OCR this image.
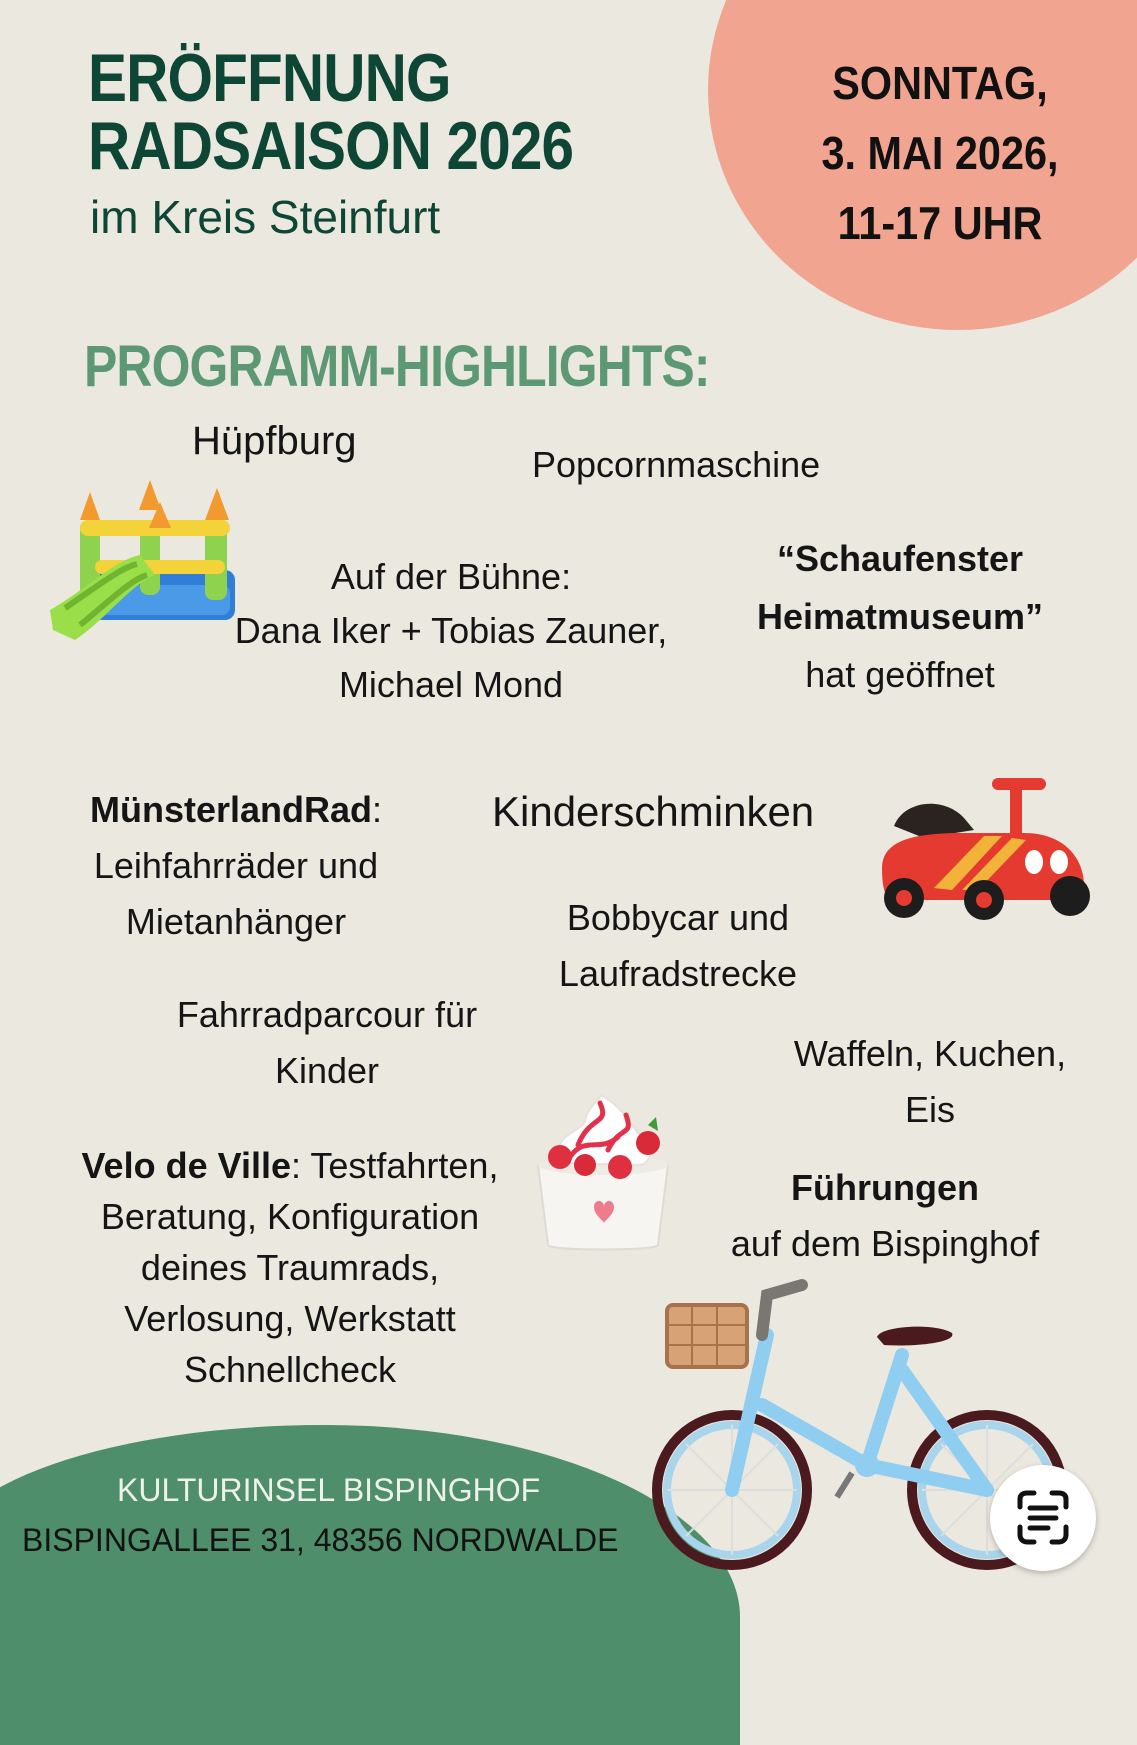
ERÖFFNUNG
RADSAISON 2026
im Kreis Steinfurt
SONNTAG,
3. MAI 2026,
11-17 UHR
PROGRAMM-HIGHLIGHTS:
Hüpfburg
Popcornmaschine
Auf der Bühne:
Dana Iker + Tobias Zauner,
Michael Mond
“Schaufenster
Heimatmuseum”
hat geöffnet
MünsterlandRad:
Leihfahrräder und
Mietanhänger
Kinderschminken
Bobbycar und
Laufradstrecke
Fahrradparcour für
Kinder	Waffeln, Kuchen,
Eis
Velo de Ville: Testfahrten,
Beratung, Konfiguration
deines Traumrads,
Verlosung, Werkstatt
Schnellcheck
Führungen
auf dem Bispinghof
KULTURINSEL BISPINGHOF
BISPINGALLEE 31, 48356 NORDWALDE
